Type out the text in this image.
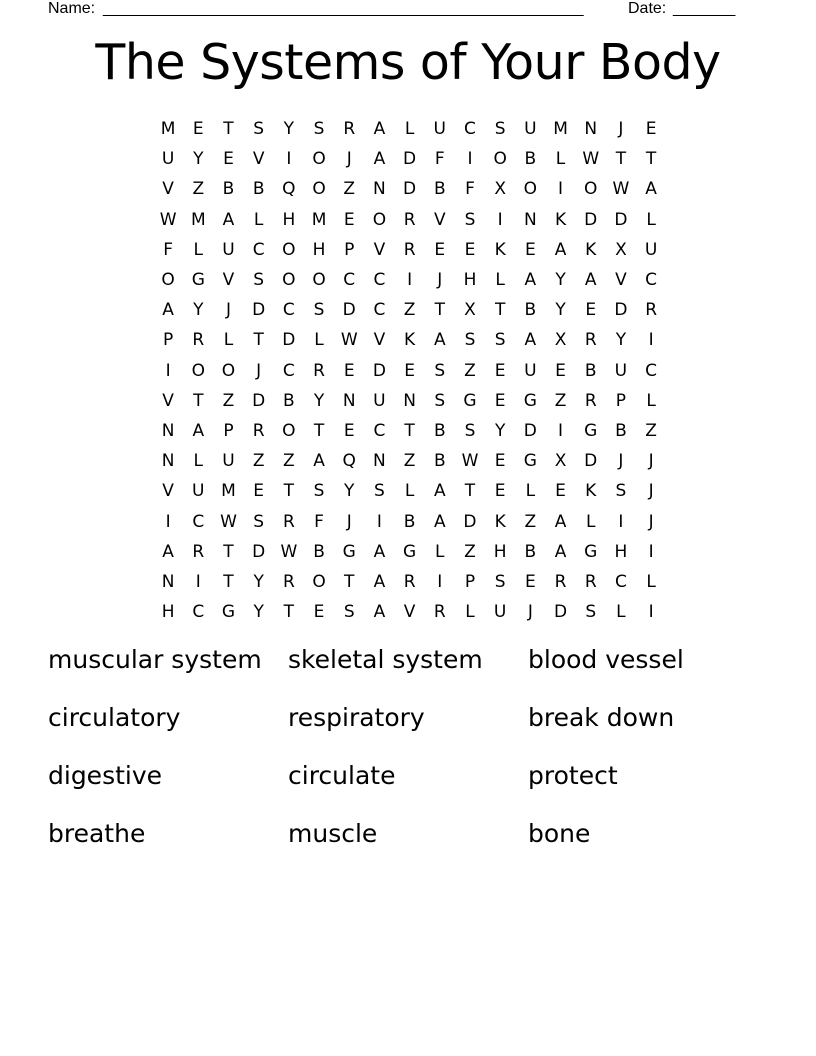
Name: ______________________________________________________	Date: _______
The Systems of Your Body
M	E	T	S	Y	S	R	A	L	U	C	S	U M N	J	E
U	Y	E	V	I	O	J	A	D	F	I	O	B	L	W T	T
V	Z	B	B	Q O	Z	N	D	B	F	X	O	I	O W A
W M	A	L	H M	E	O	R	V	S	I	N	K	D	D	L
F	L	U	C	O	H	P	V	R	E	E	K	E	A	K	X	U
O G	V	S	O O	C	C	I	J	H	L	A	Y	A	V	C
A	Y	J	D	C	S	D	C	Z	T	X	T	B	Y	E	D	R
P	R	L	T	D	L	W V	K	A	S	S	A	X	R	Y	I
I	O O	J	C	R	E	D	E	S	Z	E	U	E	B	U	C
V	T	Z	D	B	Y	N	U	N	S	G	E	G	Z	R	P	L
N	A	P	R	O	T	E	C	T	B	S	Y	D	I	G	B	Z
N	L	U	Z	Z	A	Q	N	Z	B W E	G	X	D	J	J
V	U M	E	T	S	Y	S	L	A	T	E	L	E	K	S	J
I	C W S	R	F	J	I	B	A	D	K	Z	A	L	I	J
A	R	T	D W B	G	A	G	L	Z	H	B	A	G	H	I
N	I	T	Y	R	O	T	A	R	I	P	S	E	R	R	C	L
H	C	G	Y	T	E	S	A	V	R	L	U	J	D	S	L	I
muscular system	skeletal system	blood vessel
circulatory	respiratory	break down
digestive	circulate	protect
breathe	muscle	bone
